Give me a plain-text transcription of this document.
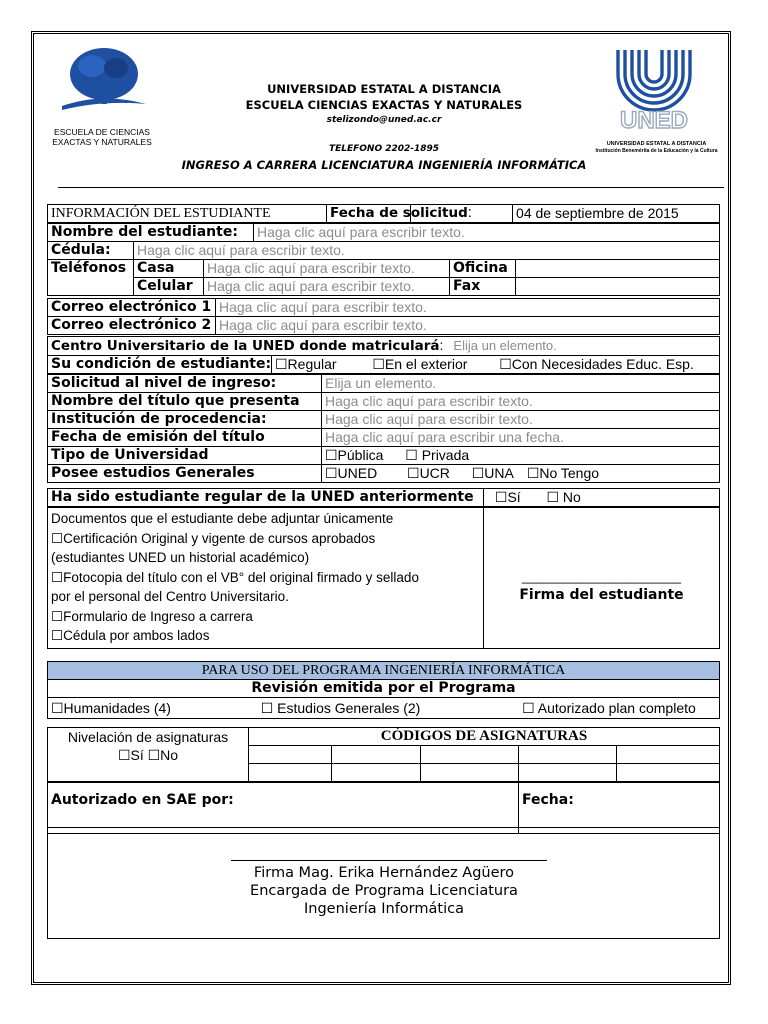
ESCUELA DE CIENCIAS
EXACTAS Y NATURALES
UNIVERSIDAD ESTATAL A DISTANCIA
ESCUELA CIENCIAS EXACTAS Y NATURALES
stelizondo@uned.ac.cr
TELEFONO 2202-1895
INGRESO A CARRERA LICENCIATURA INGENIERÍA INFORMÁTICA
UNED
UNIVERSIDAD ESTATAL A DISTANCIA
Institución Benemérita de la Educación y la Cultura
INFORMACIÓN DEL ESTUDIANTE	Fecha de solicitud:		04 de septiembre de 2015
Nombre del estudiante:	Haga clic aquí para escribir texto.
Cédula:	Haga clic aquí para escribir texto.			
Teléfonos	Casa	Haga clic aquí para escribir texto.	Oficina	
	Celular	Haga clic aquí para escribir texto.	Fax	
Correo electrónico 1	Haga clic aquí para escribir texto.
Correo electrónico 2	Haga clic aquí para escribir texto.
Centro Universitario de la UNED donde matriculará: Elija un elemento.
Su condición de estudiante:	☐Regular	☐En el exterior ☐Con Necesidades Educ. Esp.
Solicitud al nivel de ingreso:	Elija un elemento.
Nombre del título que presenta	Haga clic aquí para escribir texto.
Institución de procedencia:	Haga clic aquí para escribir texto.
Fecha de emisión del título	Haga clic aquí para escribir una fecha.
Tipo de Universidad	☐Pública ☐ Privada
Posee estudios Generales	☐UNED ☐UCR ☐UNA ☐No Tengo
Ha sido estudiante regular de la UNED anteriormente	☐Sí ☐ No
Documentos que el estudiante debe adjuntar únicamente
☐Certificación Original y vigente de cursos aprobados
(estudiantes UNED un historial académico)
☐Fotocopia del título con el VB° del original firmado y sellado
por el personal del Centro Universitario.
☐Formulario de Ingreso a carrera
☐Cédula por ambos lados

______________________
Firma del estudiante
PARA USO DEL PROGRAMA INGENIERÍA INFORMÁTICA
Revisión emitida por el Programa
☐Humanidades (4)	☐ Estudios Generales (2)	☐ Autorizado plan completo
Nivelación de asignaturas
☐Sí ☐No	CÓDIGOS DE ASIGNATURAS				

Autorizado en SAE por:	Fecha:
Firma Mag. Erika Hernández Agüero
Encargada de Programa Licenciatura
Ingeniería Informática
